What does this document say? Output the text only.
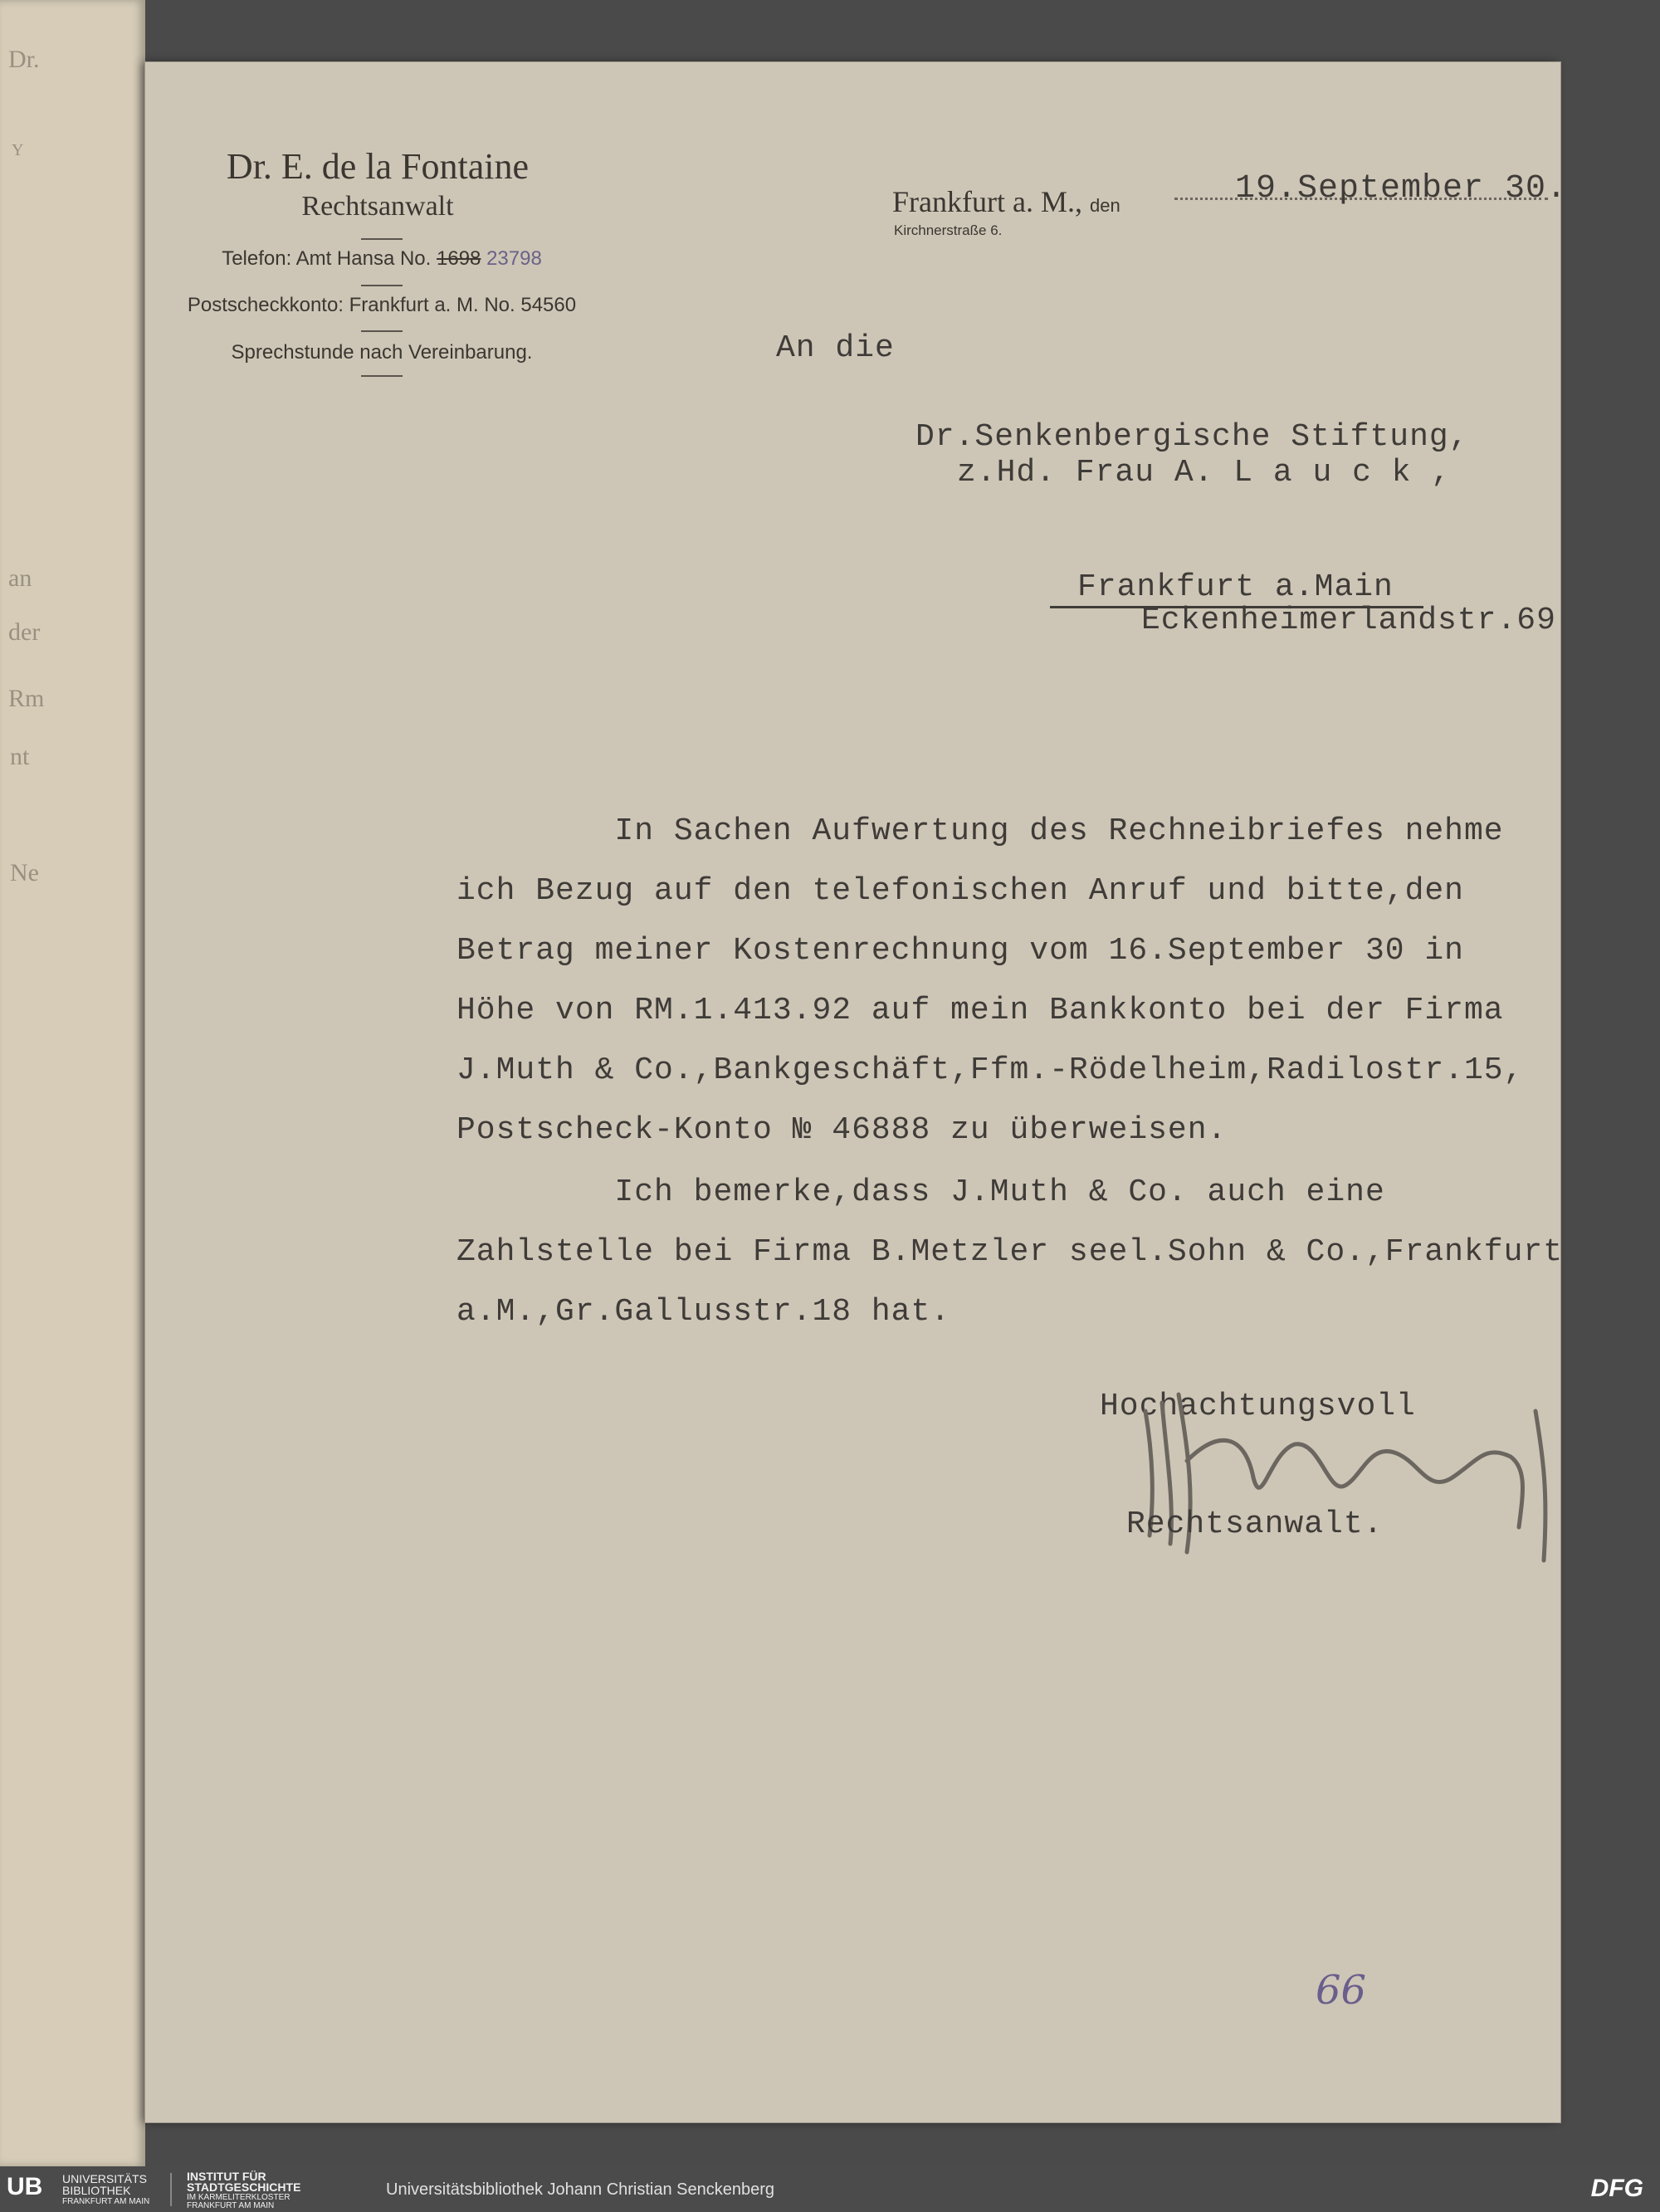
Dr.
Y
an
der
Rm
nt
Ne
Dr. E. de la Fontaine
Rechtsanwalt
Telefon: Amt Hansa No. 1698 23798
Postscheckkonto: Frankfurt a. M. No. 54560
Sprechstunde nach Vereinbarung.
Frankfurt a. M., den
Kirchnerstraße 6.
19.September 30.
An die
Dr.Senkenbergische Stiftung,
z.Hd. Frau A. L a u c k ,
Frankfurt a.Main
Eckenheimerlandstr.69
In Sachen Aufwertung des Rechneibriefes nehme
ich Bezug auf den telefonischen Anruf und bitte,den
Betrag meiner Kostenrechnung vom 16.September 30 in
Höhe von RM.1.413.92 auf mein Bankkonto bei der Firma
J.Muth & Co.,Bankgeschäft,Ffm.-Rödelheim,Radilostr.15,
Postscheck-Konto № 46888 zu überweisen.
Ich bemerke,dass J.Muth & Co. auch eine
Zahlstelle bei Firma B.Metzler seel.Sohn & Co.,Frankfurt
a.M.,Gr.Gallusstr.18 hat.
Hochachtungsvoll
Rechtsanwalt.
66
UB UNIVERSITÄTS
BIBLIOTHEK
FRANKFURT AM MAIN
INSTITUT FÜR
STADTGESCHICHTE
IM KARMELITERKLOSTER
FRANKFURT AM MAIN
Universitätsbibliothek Johann Christian Senckenberg	DFG
